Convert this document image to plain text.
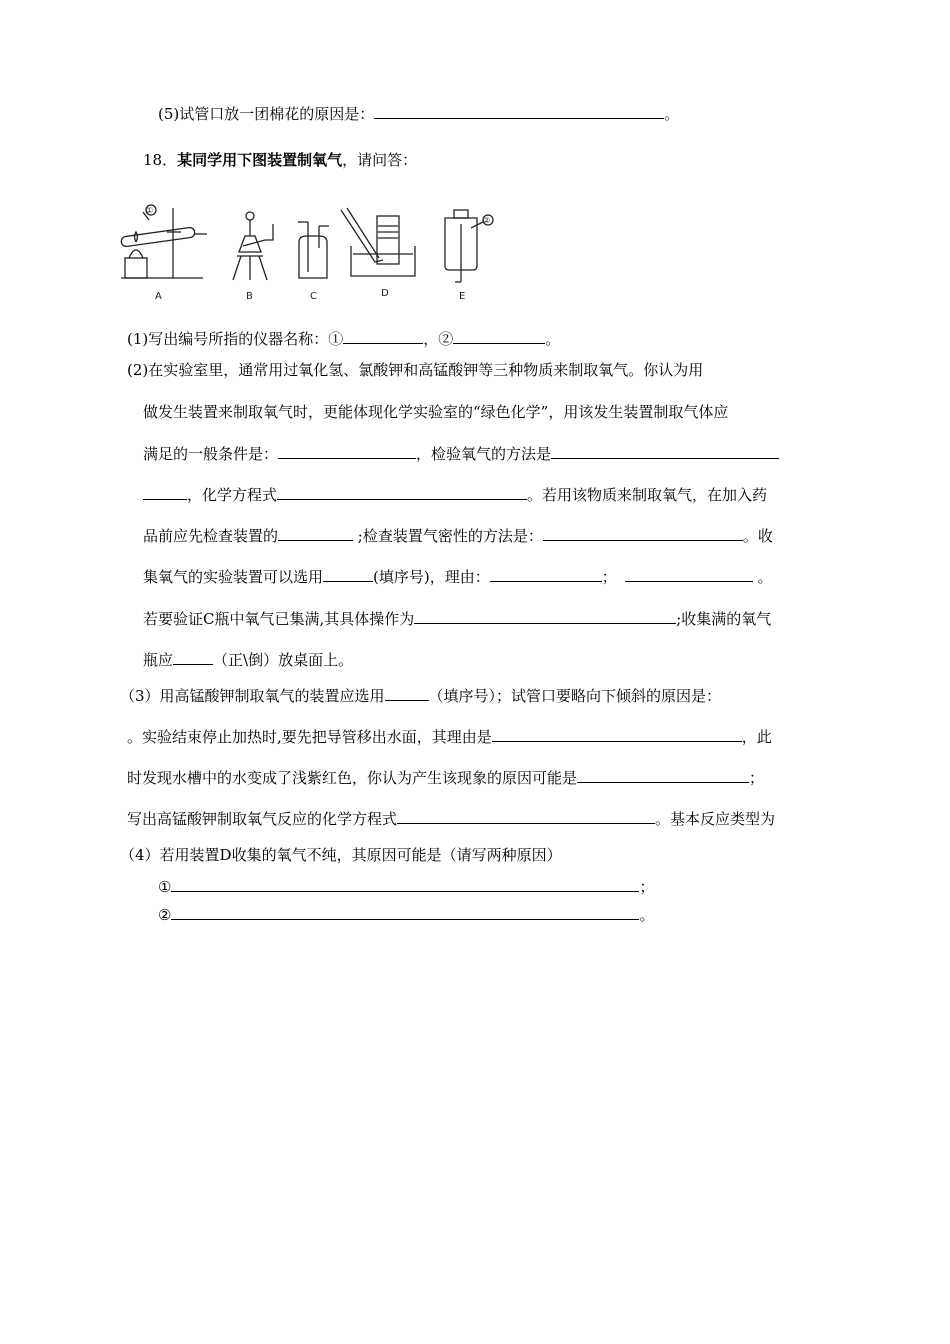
(5)试管口放一团棉花的原因是：	。
18．某同学用下图装置制氧气，请问答：
A
①
B	C	D	E
②
(1)写出编号所指的仪器名称：①	，②	。
(2)在实验室里，通常用过氧化氢、氯酸钾和高锰酸钾等三种物质来制取氧气。你认为用
做发生装置来制取氧气时，更能体现化学实验室的“绿色化学”，用该发生装置制取气体应
满足的一般条件是：	，检验氧气的方法是
，化学方程式	。若用该物质来制取氧气，在加入药
品前应先检查装置的	;检查装置气密性的方法是：	。收
集氧气的实验装置可以选用	(填序号)，理由：	；	。
若要验证C瓶中氧气已集满,其具体操作为	;收集满的氧气
瓶应	（正\倒）放桌面上。
（3）用高锰酸钾制取氧气的装置应选用	（填序号）；试管口要略向下倾斜的原因是：
。实验结束停止加热时,要先把导管移出水面，其理由是	，此
时发现水槽中的水变成了浅紫红色，你认为产生该现象的原因可能是	；
写出高锰酸钾制取氧气反应的化学方程式	。基本反应类型为
（4）若用装置D收集的氧气不纯，其原因可能是（请写两种原因）
①	；
②	。
